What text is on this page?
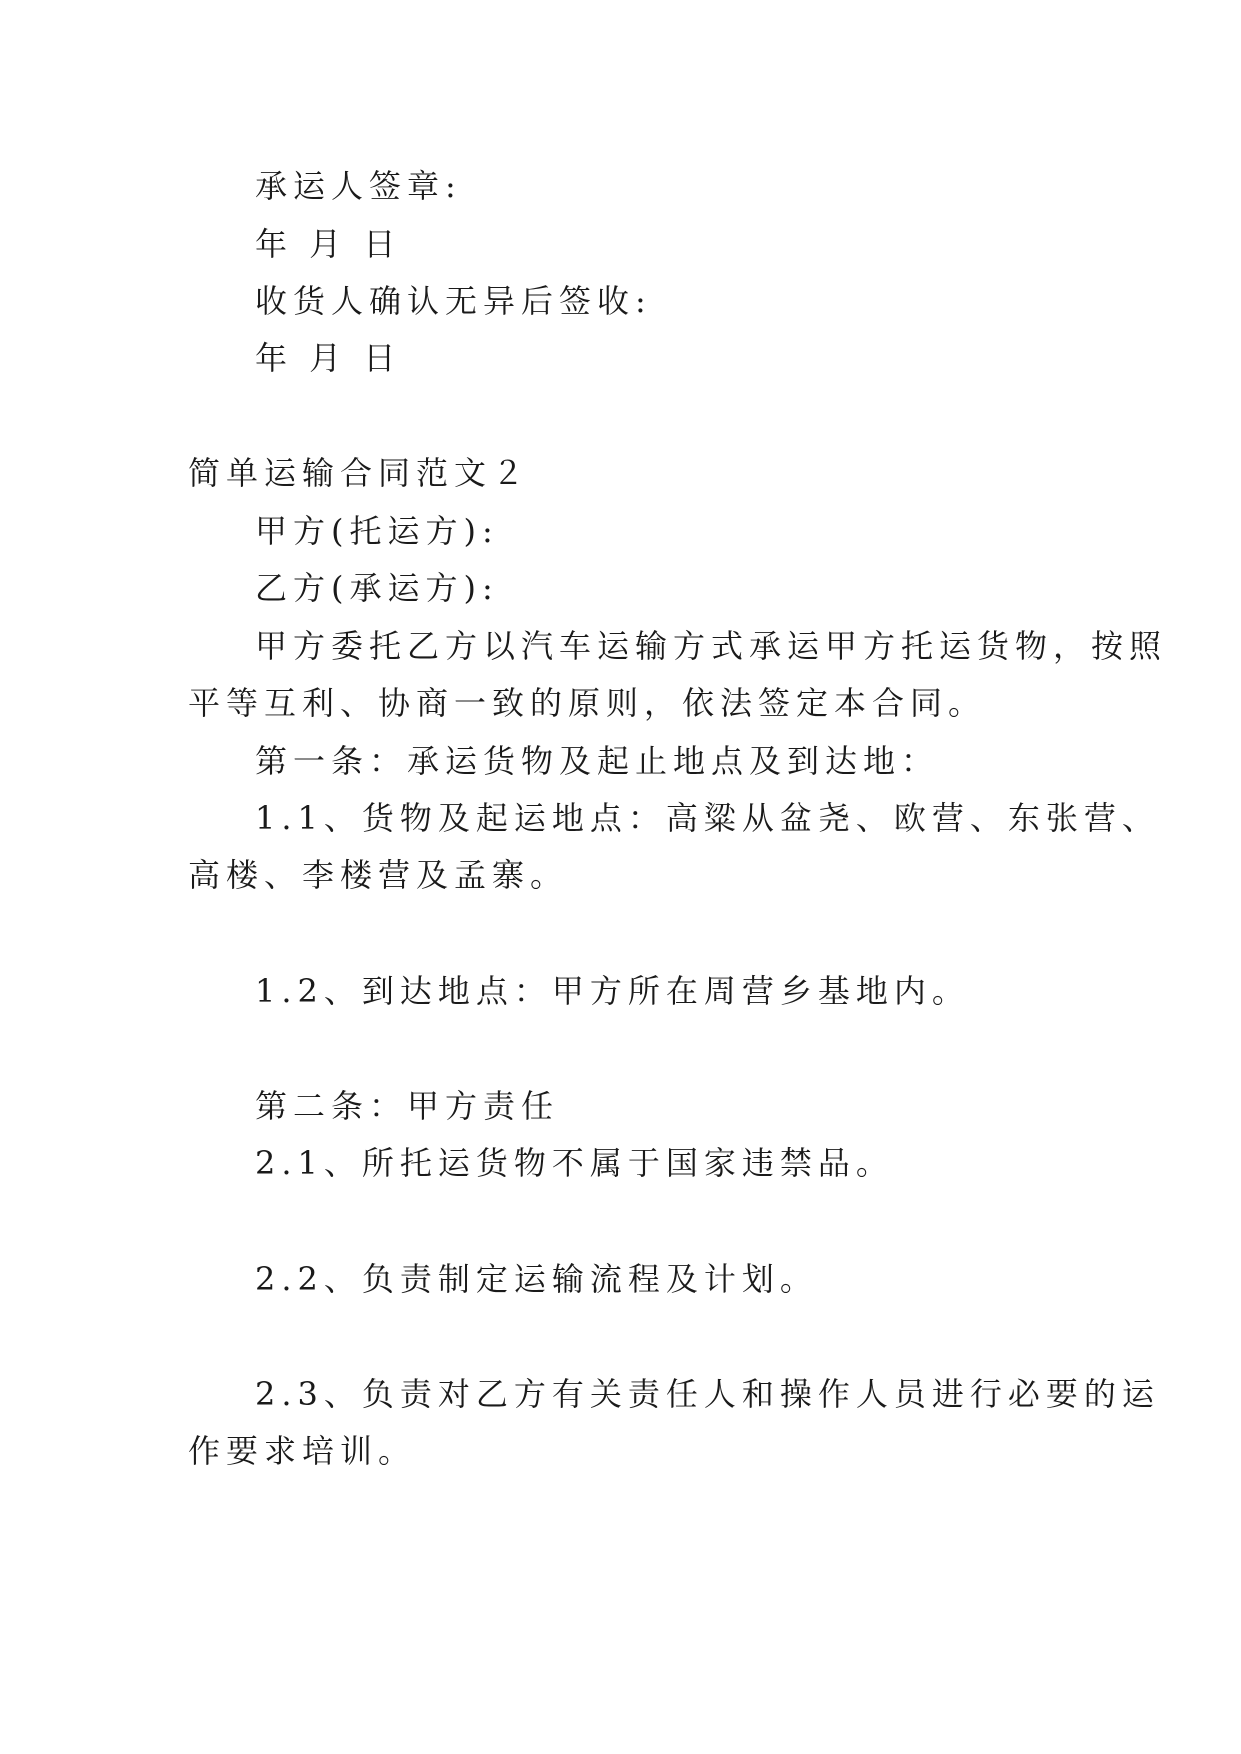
承运人签章:
年 月 日
收货人确认无异后签收:
年 月 日
简单运输合同范文２
甲方(托运方):
乙方(承运方):
甲方委托乙方以汽车运输方式承运甲方托运货物，按照
平等互利、协商一致的原则，依法签定本合同。
第一条：承运货物及起止地点及到达地：
1.1、货物及起运地点：高粱从盆尧、欧营、东张营、
高楼、李楼营及孟寨。
1.2、到达地点：甲方所在周营乡基地内。
第二条：甲方责任
2.1、所托运货物不属于国家违禁品。
2.2、负责制定运输流程及计划。
2.3、负责对乙方有关责任人和操作人员进行必要的运
作要求培训。
